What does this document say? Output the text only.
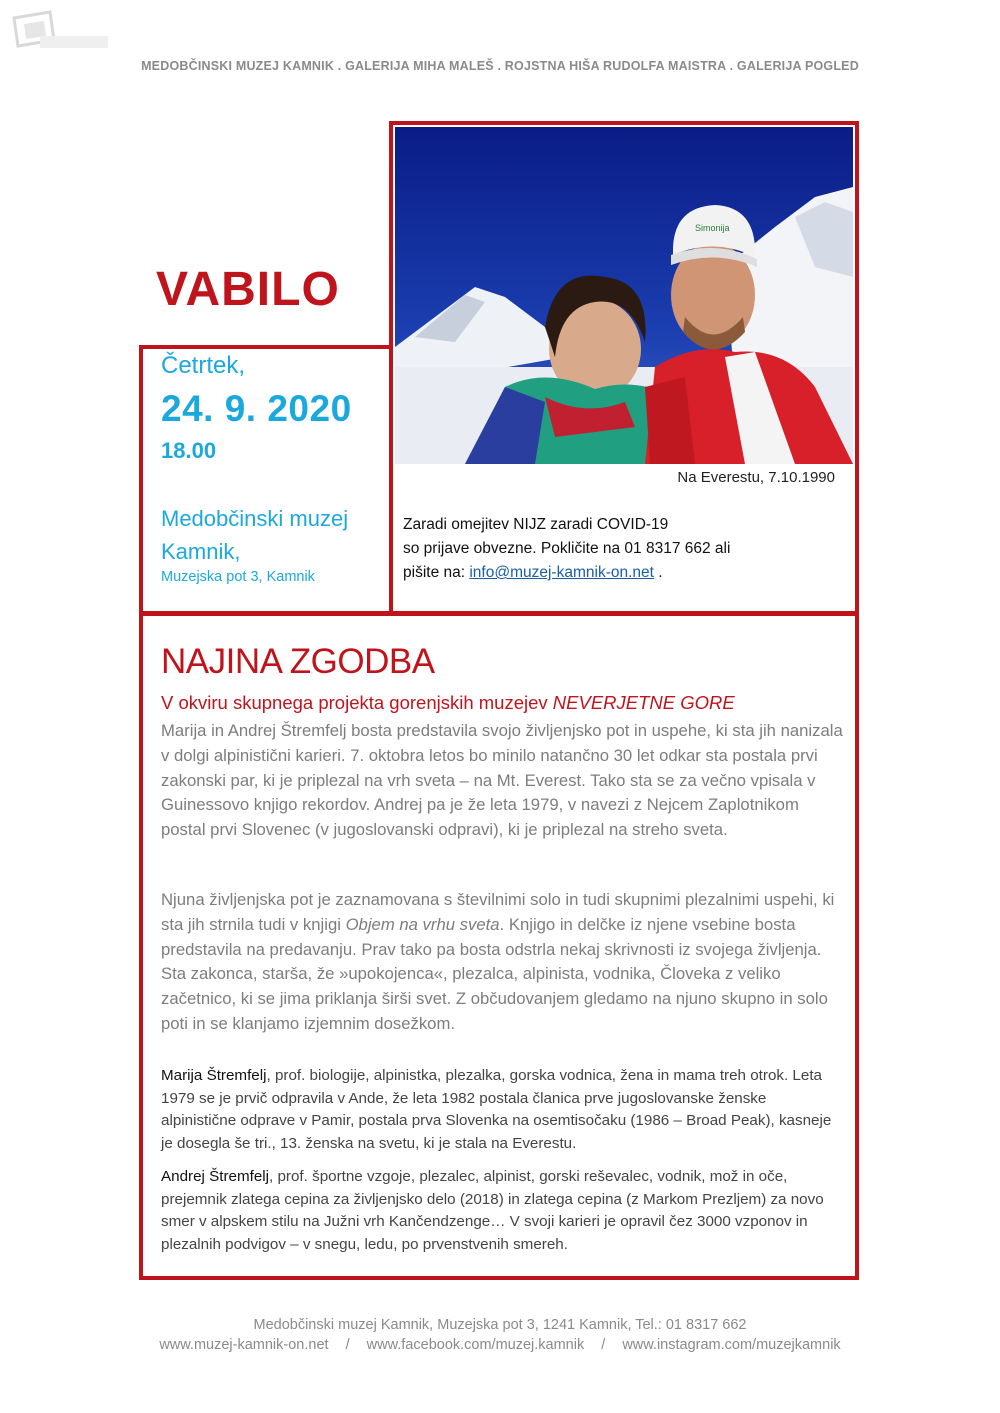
MEDOBČINSKI MUZEJ KAMNIK . GALERIJA MIHA MALEŠ . ROJSTNA HIŠA RUDOLFA MAISTRA . GALERIJA POGLED
VABILO
Simonija
Na Everestu, 7.10.1990
Zaradi omejitev NIJZ zaradi COVID-19
so prijave obvezne. Pokličite na 01 8317 662 ali
pišite na: info@muzej-kamnik-on.net .
Četrtek,
24. 9. 2020
18.00
Medobčinski muzej Kamnik,
Muzejska pot 3, Kamnik
NAJINA ZGODBA
V okviru skupnega projekta gorenjskih muzejev NEVERJETNE GORE
Marija in Andrej Štremfelj bosta predstavila svojo življenjsko pot in uspehe, ki sta jih nanizala v dolgi alpinistični karieri. 7. oktobra letos bo minilo natančno 30 let odkar sta postala prvi zakonski par, ki je priplezal na vrh sveta – na Mt. Everest. Tako sta se za večno vpisala v Guinessovo knjigo rekordov. Andrej pa je že leta 1979, v navezi z Nejcem Zaplotnikom postal prvi Slovenec (v jugoslovanski odpravi), ki je priplezal na streho sveta.
Njuna življenjska pot je zaznamovana s številnimi solo in tudi skupnimi plezalnimi uspehi, ki sta jih strnila tudi v knjigi Objem na vrhu sveta. Knjigo in delčke iz njene vsebine bosta predstavila na predavanju. Prav tako pa bosta odstrla nekaj skrivnosti iz svojega življenja. Sta zakonca, starša, že »upokojenca«, plezalca, alpinista, vodnika, Človeka z veliko začetnico, ki se jima priklanja širši svet. Z občudovanjem gledamo na njuno skupno in solo poti in se klanjamo izjemnim dosežkom.
Marija Štremfelj, prof. biologije, alpinistka, plezalka, gorska vodnica, žena in mama treh otrok. Leta 1979 se je prvič odpravila v Ande, že leta 1982 postala članica prve jugoslovanske ženske alpinistične odprave v Pamir, postala prva Slovenka na osemtisočaku (1986 – Broad Peak), kasneje je dosegla še tri., 13. ženska na svetu, ki je stala na Everestu.
Andrej Štremfelj, prof. športne vzgoje, plezalec, alpinist, gorski reševalec, vodnik, mož in oče, prejemnik zlatega cepina za življenjsko delo (2018) in zlatega cepina (z Markom Prezljem) za novo smer v alpskem stilu na Južni vrh Kančendzenge… V svoji karieri je opravil čez 3000 vzponov in plezalnih podvigov – v snegu, ledu, po prvenstvenih smereh.
Medobčinski muzej Kamnik, Muzejska pot 3, 1241 Kamnik, Tel.: 01 8317 662
www.muzej-kamnik-on.net / www.facebook.com/muzej.kamnik / www.instagram.com/muzejkamnik
